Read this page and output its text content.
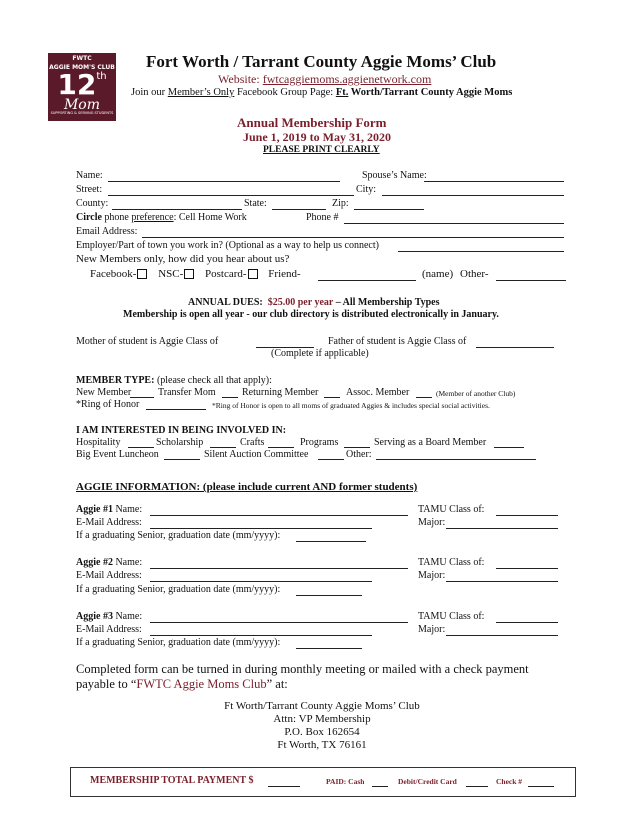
FWTC
AGGIE MOM'S CLUB
12th
Mom
SUPPORTING & SERVING STUDENTS
Fort Worth / Tarrant County Aggie Moms’ Club
Website: fwtcaggiemoms.aggienetwork.com
Join our Member’s Only Facebook Group Page: Ft. Worth/Tarrant County Aggie Moms
Annual Membership Form
June 1, 2019 to May 31, 2020
PLEASE PRINT CLEARLY
Name:	Spouse’s Name:
Street:	City:
County:	State:	Zip:
Circle phone preference: Cell Home Work	Phone #
Email Address:
Employer/Part of town you work in? (Optional as a way to help us connect)
New Members only, how did you hear about us?
Facebook- NSC- Postcard- Friend-	(name) Other-
ANNUAL DUES: $25.00 per year – All Membership Types
Membership is open all year - our club directory is distributed electronically in January.
Mother of student is Aggie Class of	Father of student is Aggie Class of
(Complete if applicable)
MEMBER TYPE: (please check all that apply):
New Member	Transfer Mom	Returning Member	Assoc. Member	(Member of another Club)
*Ring of Honor	*Ring of Honor is open to all moms of graduated Aggies & includes special social activities.
I AM INTERESTED IN BEING INVOLVED IN:
Hospitality	Scholarship	Crafts	Programs	Serving as a Board Member
Big Event Luncheon	Silent Auction Committee	Other:
AGGIE INFORMATION: (please include current AND former students)
Aggie #1 Name:	TAMU Class of:
E-Mail Address:	Major:
If a graduating Senior, graduation date (mm/yyyy):
Aggie #2 Name:	TAMU Class of:
E-Mail Address:	Major:
If a graduating Senior, graduation date (mm/yyyy):
Aggie #3 Name:	TAMU Class of:
E-Mail Address:	Major:
If a graduating Senior, graduation date (mm/yyyy):
Completed form can be turned in during monthly meeting or mailed with a check payment
payable to “FWTC Aggie Moms Club” at:
Ft Worth/Tarrant County Aggie Moms’ Club
Attn: VP Membership
P.O. Box 162654
Ft Worth, TX 76161
MEMBERSHIP TOTAL PAYMENT $	PAID: Cash	Debit/Credit Card	Check #
